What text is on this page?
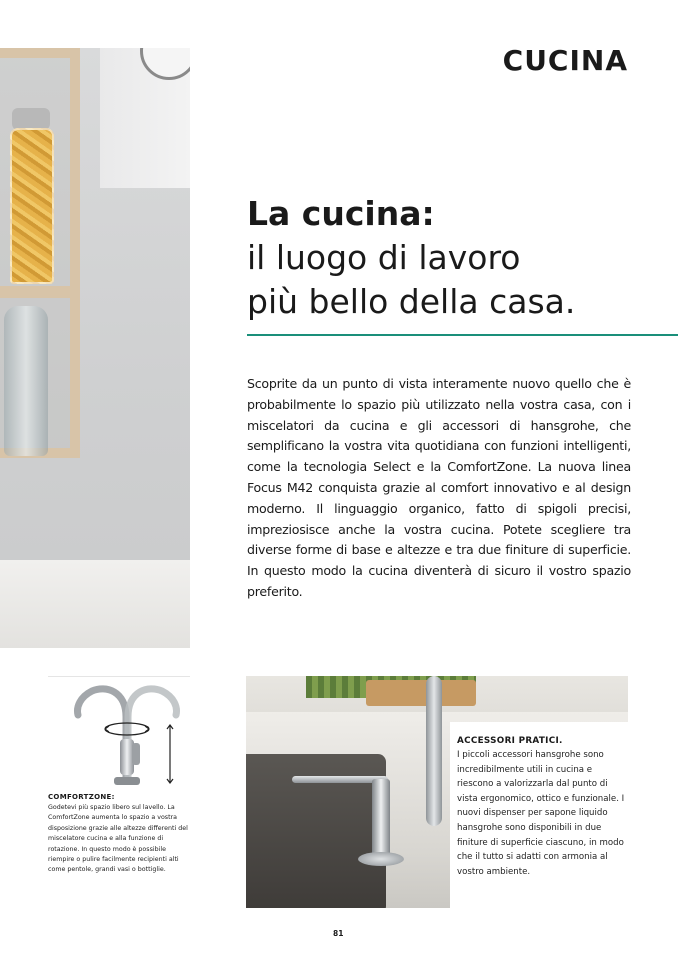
CUCINA
La cucina:
il luogo di lavoro
più bello della casa.

Scoprite da un punto di vista interamente nuovo quello che è probabilmente lo spazio più utilizzato nella vostra casa, con i miscelatori da cucina e gli accessori di hansgrohe, che semplificano la vostra vita quotidiana con funzioni intelligenti, come la tecnologia Select e la ComfortZone. La nuova linea Focus M42 conquista grazie al comfort innovativo e al design moderno. Il linguaggio organico, fatto di spigoli precisi, impreziosisce anche la vostra cucina. Potete scegliere tra diverse forme di base e altezze e tra due finiture di superficie. In questo modo la cucina diventerà di sicuro il vostro spazio preferito.

COMFORTZONE:

Godetevi più spazio libero sul lavello. La ComfortZone aumenta lo spazio a vostra disposizione grazie alle altezze differenti del miscelatore cucina e alla funzione di rotazione. In questo modo è possibile riempire o pulire facilmente recipienti alti come pentole, grandi vasi o bottiglie.

ACCESSORI PRATICI.

I piccoli accessori hansgrohe sono incredibilmente utili in cucina e riescono a valorizzarla dal punto di vista ergonomico, ottico e funzionale. I nuovi dispenser per sapone liquido hansgrohe sono disponibili in due finiture di superficie ciascuno, in modo che il tutto si adatti con armonia al vostro ambiente.

81
